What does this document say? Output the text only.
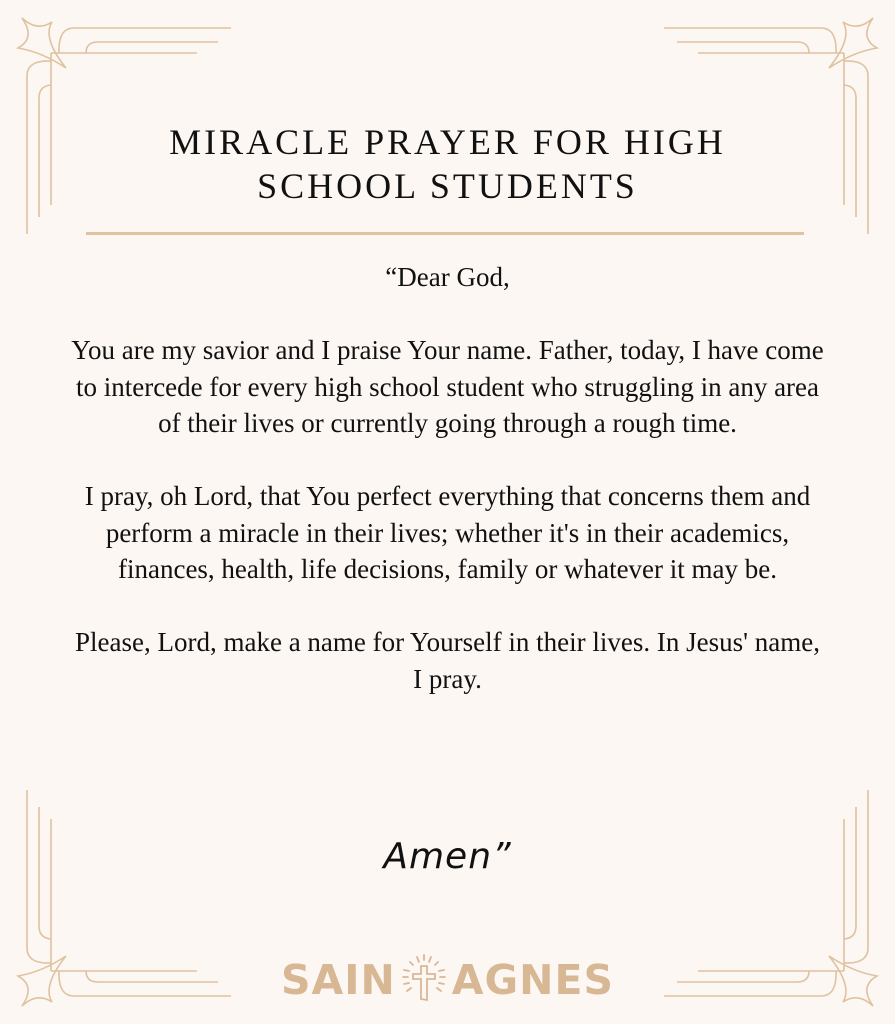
MIRACLE PRAYER FOR HIGH
SCHOOL STUDENTS

“Dear God,

You are my savior and I praise Your name. Father, today, I have come to intercede for every high school student who struggling in any area of their lives or currently going through a rough time.

I pray, oh Lord, that You perfect everything that concerns them and perform a miracle in their lives; whether it's in their academics, finances, health, life decisions, family or whatever it may be.

Please, Lord, make a name for Yourself in their lives. In Jesus' name, I pray.

Amen”
SAIN AGNES
